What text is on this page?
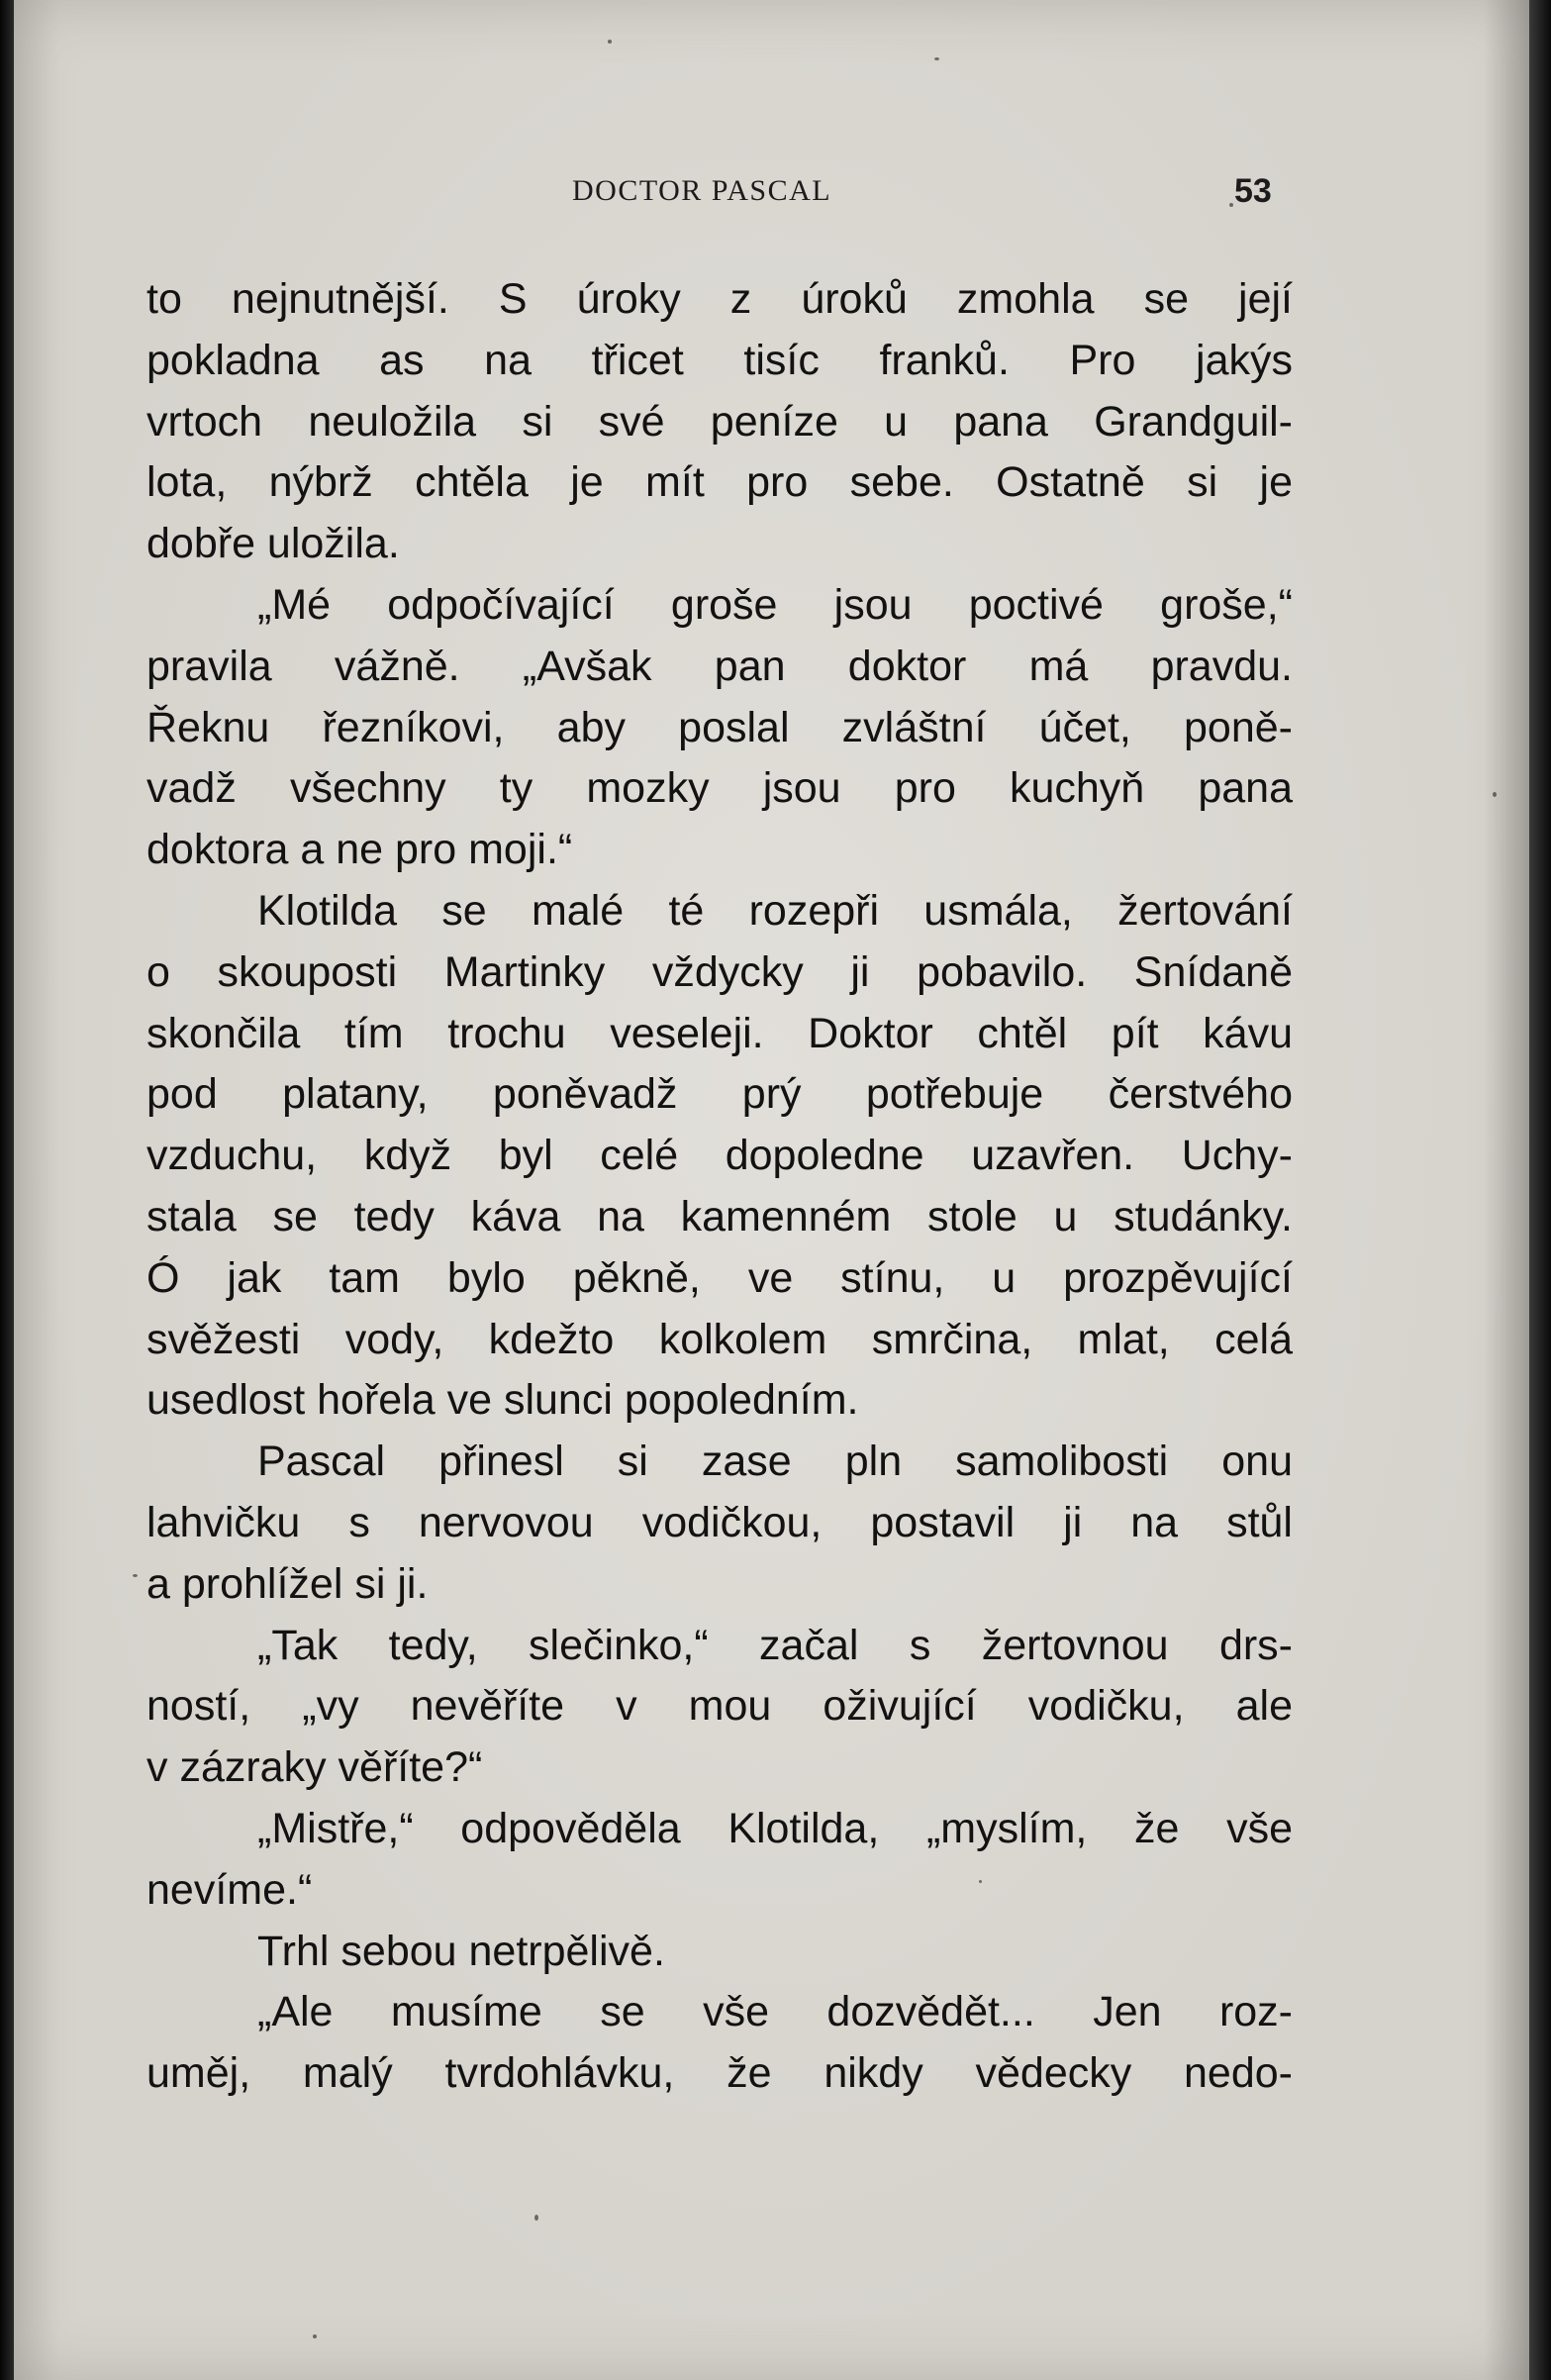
DOCTOR PASCAL	53
to nejnutnější. S úroky z úroků zmohla se její
pokladna as na třicet tisíc franků. Pro jakýs
vrtoch neuložila si své peníze u pana Grandguil-
lota, nýbrž chtěla je mít pro sebe. Ostatně si je
dobře uložila.
„Mé odpočívající groše jsou poctivé groše,“
pravila vážně. „Avšak pan doktor má pravdu.
Řeknu řezníkovi, aby poslal zvláštní účet, poně-
vadž všechny ty mozky jsou pro kuchyň pana
doktora a ne pro moji.“
Klotilda se malé té rozepři usmála, žertování
o skouposti Martinky vždycky ji pobavilo. Snídaně
skončila tím trochu veseleji. Doktor chtěl pít kávu
pod platany, poněvadž prý potřebuje čerstvého
vzduchu, když byl celé dopoledne uzavřen. Uchy-
stala se tedy káva na kamenném stole u studánky.
Ó jak tam bylo pěkně, ve stínu, u prozpěvující
svěžesti vody, kdežto kolkolem smrčina, mlat, celá
usedlost hořela ve slunci popoledním.
Pascal přinesl si zase pln samolibosti onu
lahvičku s nervovou vodičkou, postavil ji na stůl
a prohlížel si ji.
„Tak tedy, slečinko,“ začal s žertovnou drs-
ností, „vy nevěříte v mou oživující vodičku, ale
v zázraky věříte?“
„Mistře,“ odpověděla Klotilda, „myslím, že vše
nevíme.“
Trhl sebou netrpělivě.
„Ale musíme se vše dozvědět... Jen roz-
uměj, malý tvrdohlávku, že nikdy vědecky nedo-
